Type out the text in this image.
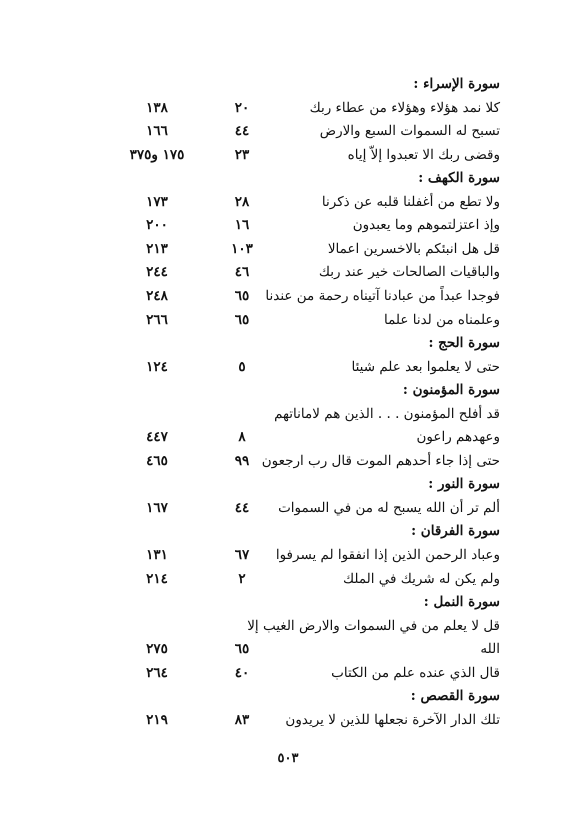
سورة الإسراء :
كلا نمد هؤلاء وهؤلاء من عطاء ربك
٢٠
١٣٨
تسبح له السموات السبع والارض
٤٤
١٦٦
وقضى ربك الا تعبدوا إلاّ إياه
٢٣
١٧٥ و٣٧٥
سورة الكهف :
ولا تطع من أغفلنا قلبه عن ذكرنا
٢٨
١٧٣
وإذ اعتزلتموهم وما يعبدون
١٦
٢٠٠
قل هل انبئكم بالاخسرين اعمالا
١٠٣
٢١٣
والباقيات الصالحات خير عند ربك
٤٦
٢٤٤
فوجدا عبداً من عبادنا آتيناه رحمة من عندنا
٦٥
٢٤٨
وعلمناه من لدنا علما
٦٥
٢٦٦
سورة الحج :
حتى لا يعلموا بعد علم شيئا
٥
١٢٤
سورة المؤمنون :
قد أفلح المؤمنون . . . الذين هم لاماناتهم
وعهدهم راعون
٨
٤٤٧
حتى إذا جاء أحدهم الموت قال رب ارجعون
٩٩
٤٦٥
سورة النور :
ألم تر أن الله يسبح له من في السموات
٤٤
١٦٧
سورة الفرقان :
وعباد الرحمن الذين إذا انفقوا لم يسرفوا
٦٧
١٣١
ولم يكن له شريك في الملك
٢
٢١٤
سورة النمل :
قل لا يعلم من في السموات والارض الغيب إلا
الله
٦٥
٢٧٥
قال الذي عنده علم من الكتاب
٤٠
٢٦٤
سورة القصص :
تلك الدار الآخرة نجعلها للذين لا يريدون
٨٣
٢١٩
٥٠٣
